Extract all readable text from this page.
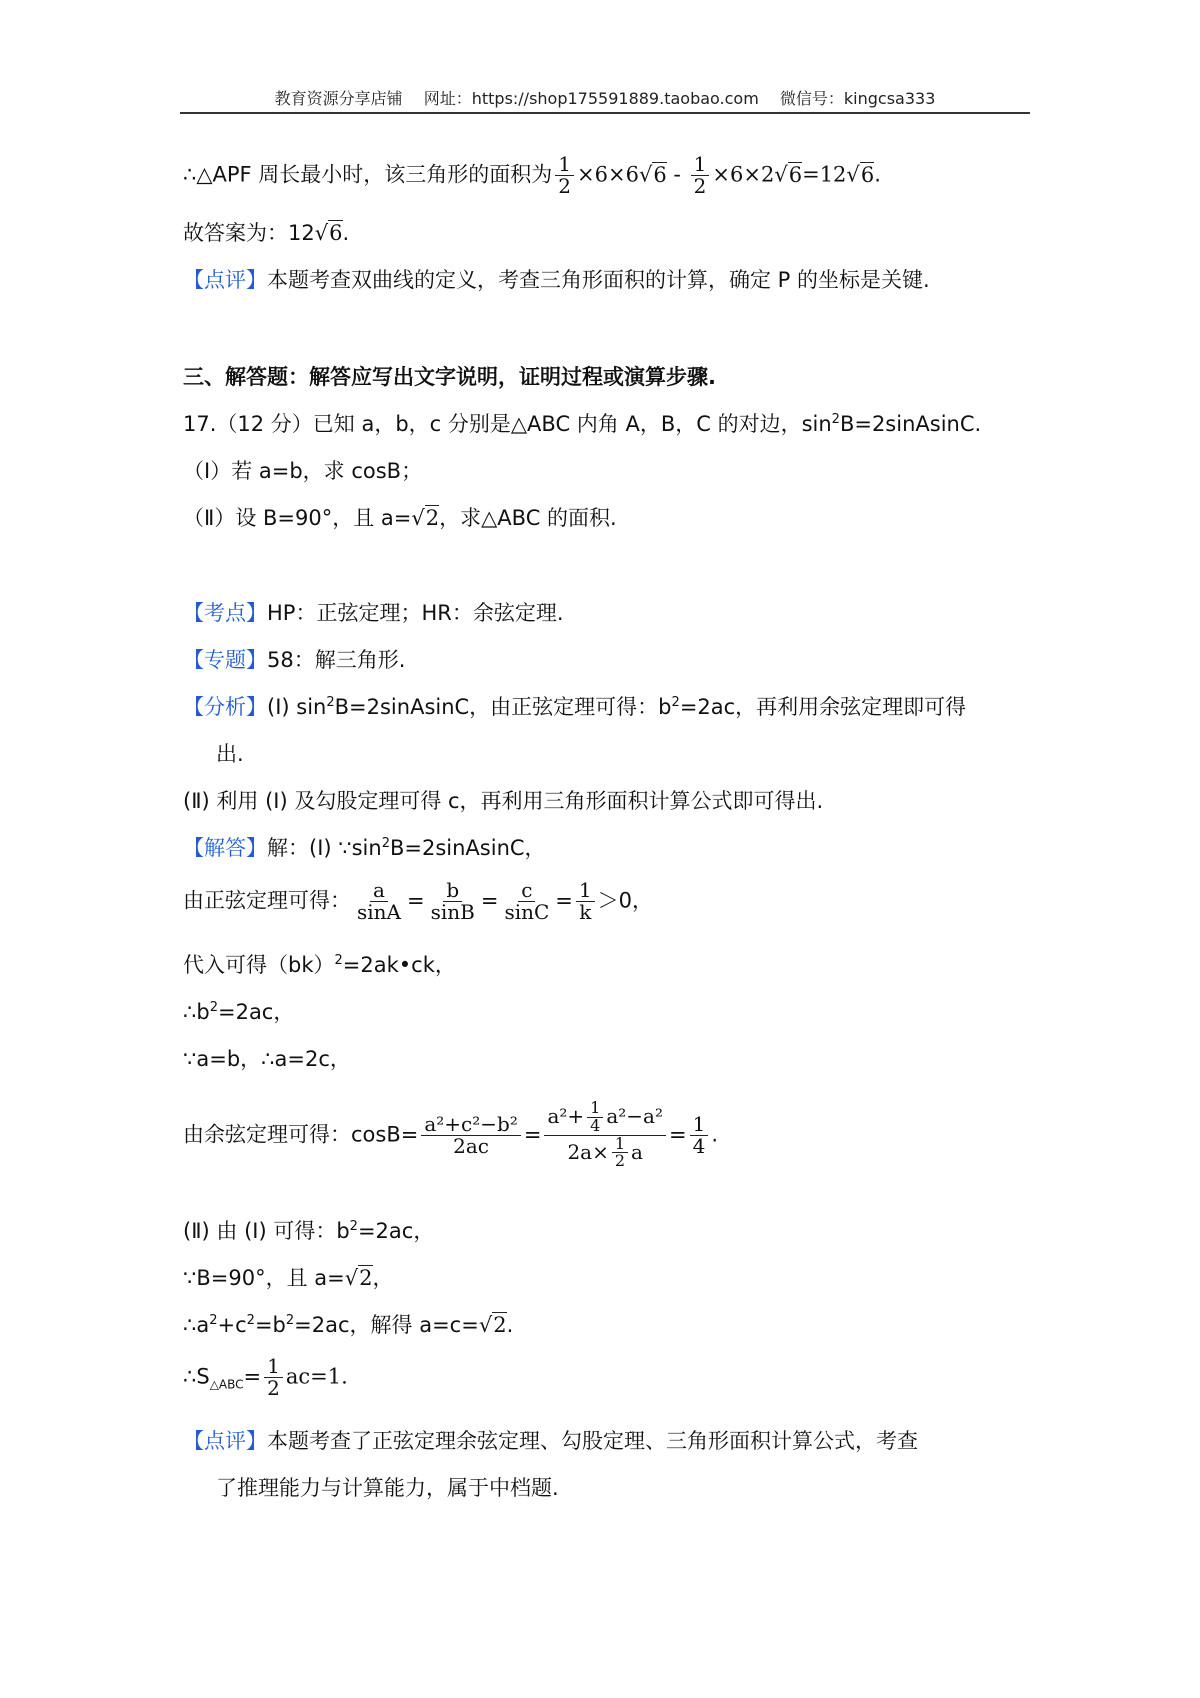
教育资源分享店铺 网址：https://shop175591889.taobao.com 微信号：kingcsa333
∴△APF 周长最小时，该三角形的面积为 $\frac{1}{2} \times 6\times 6√6 - \frac{1}{2} \times 6\times 2√6=12√6$.
故答案为：12√6.
【点评】本题考查双曲线的定义，考查三角形面积的计算，确定 P 的坐标是关键.
三、解答题：解答应写出文字说明，证明过程或演算步骤.
17.（12 分）已知 a，b，c 分别是△ABC 内角 A，B，C 的对边，$\sin^2B=2sinAsinC$.
（Ⅰ）若 a=b，求 cosB；
（Ⅱ）设 B=90°，且 a=√2，求△ABC 的面积.
【考点】HP：正弦定理；HR：余弦定理.
【专题】58：解三角形.
【分析】(Ⅰ) $\sin^2B=2sinAsinC$，由正弦定理可得：$b^2=2ac$，再利用余弦定理即可得
出.
(Ⅱ) 利用 (Ⅰ) 及勾股定理可得 c，再利用三角形面积计算公式即可得出.
【解答】解：(Ⅰ) $\because\sin^2B=2sinAsinC$，
由正弦定理可得： $\frac{a}{\sin A} = \frac{b}{\sin B} = \frac{c}{\sin C} = \frac{1}{k} >0$，
代入可得（bk）$^2$=2ak•ck，
$\therefore b^2=2ac$，
∵a=b，∴a=2c，
由余弦定理可得：$\cos B= \frac{\text{a²+c²−b²}}{2ac} = \frac{a^2+ \frac{1}{4} a^2-a^2}{2a\times \frac{1}{2} a} = \frac{1}{4}$ .
(Ⅱ) 由 (Ⅰ) 可得：$b^2=2ac$，
∵B=90°，且 a=√2，
$\therefore a^2+c^2=b^2=2ac$，解得 a=c=√2.
$\therefore S_{\triangle ABC}= \frac{1}{2} ac=1$.
【点评】本题考查了正弦定理余弦定理、勾股定理、三角形面积计算公式，考查
了推理能力与计算能力，属于中档题.
